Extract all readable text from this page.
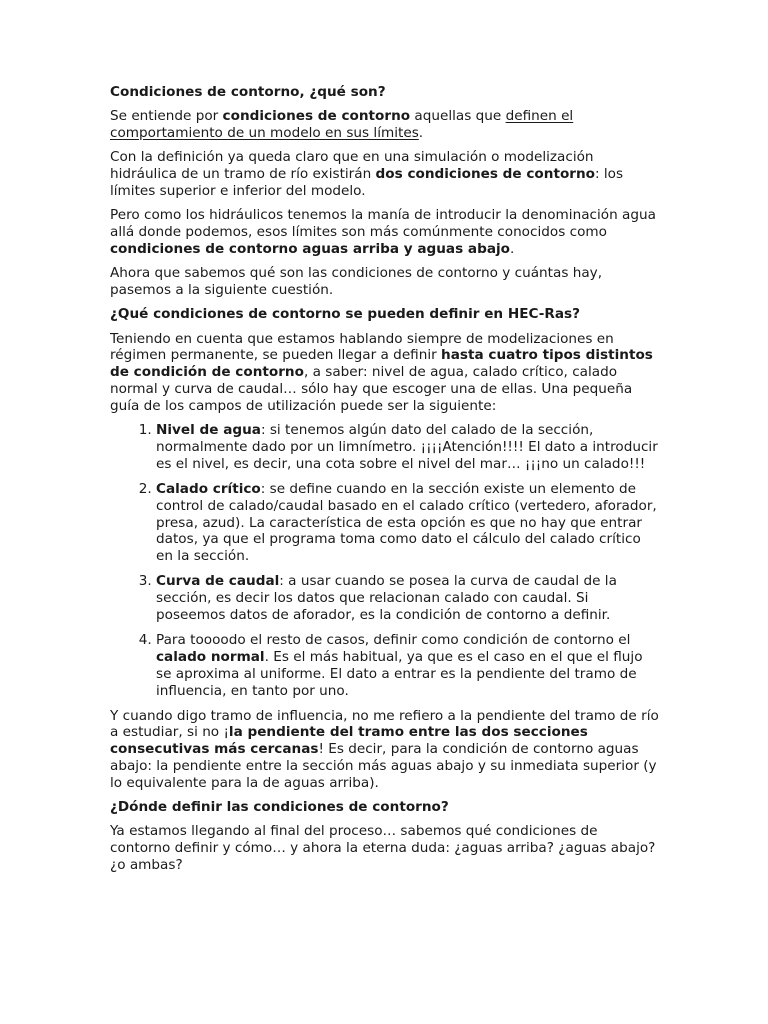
Condiciones de contorno, ¿qué son?

Se entiende por condiciones de contorno aquellas que definen el comportamiento de un modelo en sus límites.

Con la definición ya queda claro que en una simulación o modelización hidráulica de un tramo de río existirán dos condiciones de contorno: los límites superior e inferior del modelo.

Pero como los hidráulicos tenemos la manía de introducir la denominación agua allá donde podemos, esos límites son más comúnmente conocidos como condiciones de contorno aguas arriba y aguas abajo.

Ahora que sabemos qué son las condiciones de contorno y cuántas hay, pasemos a la siguiente cuestión.

¿Qué condiciones de contorno se pueden definir en HEC-Ras?

Teniendo en cuenta que estamos hablando siempre de modelizaciones en régimen permanente, se pueden llegar a definir hasta cuatro tipos distintos de condición de contorno, a saber: nivel de agua, calado crítico, calado normal y curva de caudal… sólo hay que escoger una de ellas. Una pequeña guía de los campos de utilización puede ser la siguiente:

1. Nivel de agua: si tenemos algún dato del calado de la sección, normalmente dado por un limnímetro. ¡¡¡¡Atención!!!! El dato a introducir es el nivel, es decir, una cota sobre el nivel del mar… ¡¡¡no un calado!!!
2. Calado crítico: se define cuando en la sección existe un elemento de control de calado/caudal basado en el calado crítico (vertedero, aforador, presa, azud). La característica de esta opción es que no hay que entrar datos, ya que el programa toma como dato el cálculo del calado crítico en la sección.
3. Curva de caudal: a usar cuando se posea la curva de caudal de la sección, es decir los datos que relacionan calado con caudal. Si poseemos datos de aforador, es la condición de contorno a definir.
4. Para toooodo el resto de casos, definir como condición de contorno el calado normal. Es el más habitual, ya que es el caso en el que el flujo se aproxima al uniforme. El dato a entrar es la pendiente del tramo de influencia, en tanto por uno.

Y cuando digo tramo de influencia, no me refiero a la pendiente del tramo de río a estudiar, si no ¡la pendiente del tramo entre las dos secciones consecutivas más cercanas! Es decir, para la condición de contorno aguas abajo: la pendiente entre la sección más aguas abajo y su inmediata superior (y lo equivalente para la de aguas arriba).

¿Dónde definir las condiciones de contorno?

Ya estamos llegando al final del proceso… sabemos qué condiciones de contorno definir y cómo… y ahora la eterna duda: ¿aguas arriba? ¿aguas abajo? ¿o ambas?
